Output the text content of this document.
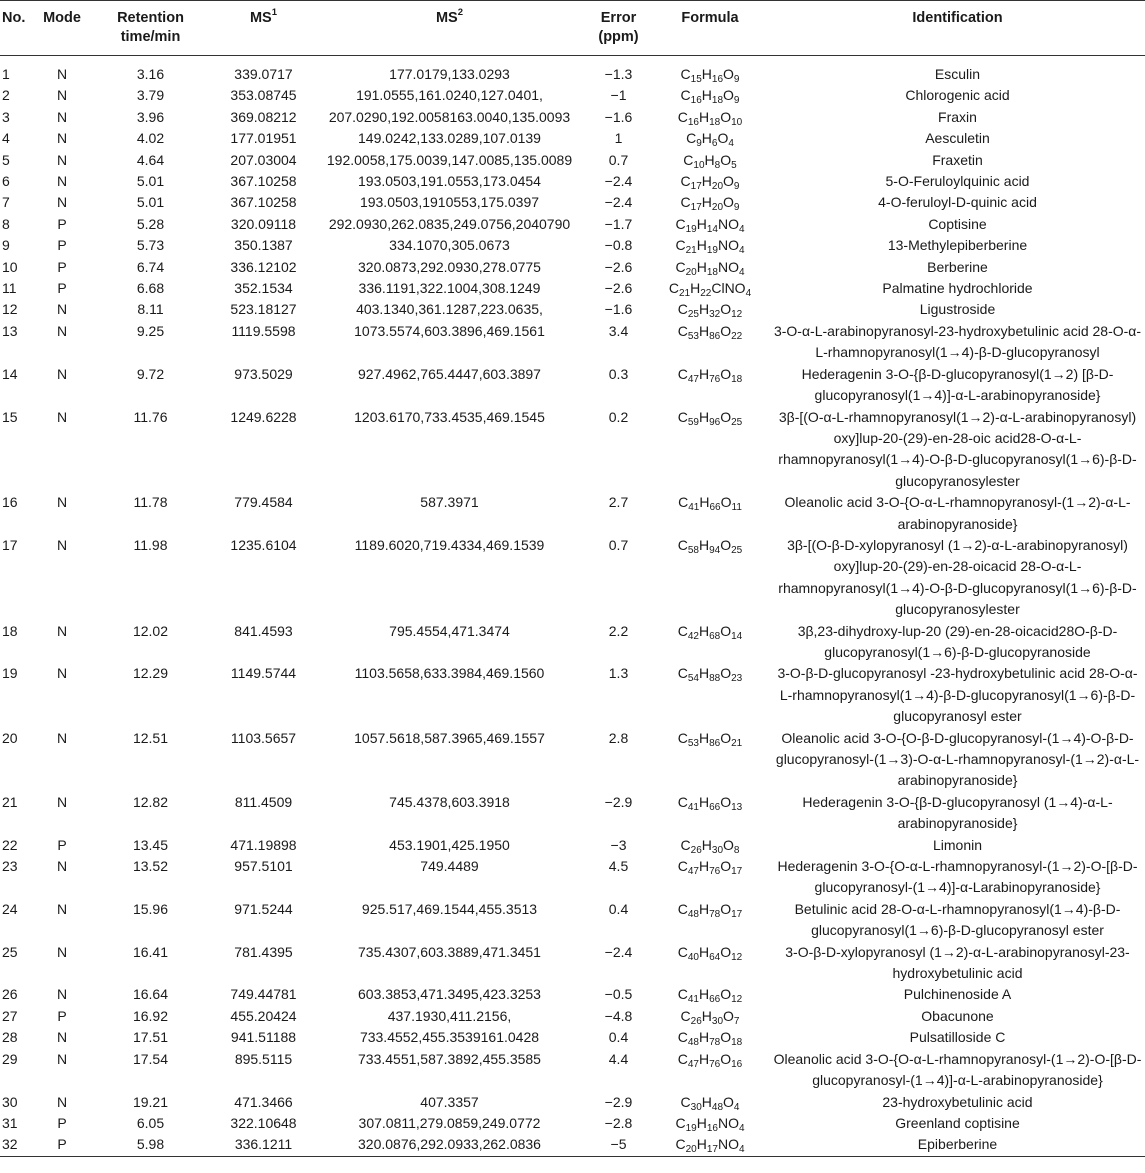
No.	Mode	Retention time/min	$MS^1$	$MS^2$	Error (ppm)	Formula	Identification
1	N	3.16	339.0717	177.0179,133.0293	−1.3	$C_{15}H_{16}O_9$	Esculin
2	N	3.79	353.08745	191.0555,161.0240,127.0401,	−1	$C_{16}H_{18}O_9$	Chlorogenic acid
3	N	3.96	369.08212	207.0290,192.0058163.0040,135.0093	−1.6	$C_{16}H_{18}O_{10}$	Fraxin
4	N	4.02	177.01951	149.0242,133.0289,107.0139	1	$C_9H_6O_4$	Aesculetin
5	N	4.64	207.03004	192.0058,175.0039,147.0085,135.0089	0.7	$C_{10}H_8O_5$	Fraxetin
6	N	5.01	367.10258	193.0503,191.0553,173.0454	−2.4	$C_{17}H_{20}O_9$	5-O-Feruloylquinic acid
7	N	5.01	367.10258	193.0503,1910553,175.0397	−2.4	$C_{17}H_{20}O_9$	4-O-feruloyl-D-quinic acid
8	P	5.28	320.09118	292.0930,262.0835,249.0756,2040790	−1.7	$C_{19}H_{14}NO_4$	Coptisine
9	P	5.73	350.1387	334.1070,305.0673	−0.8	$C_{21}H_{19}NO_4$	13-Methylepiberberine
10	P	6.74	336.12102	320.0873,292.0930,278.0775	−2.6	$C_{20}H_{18}NO_4$	Berberine
11	P	6.68	352.1534	336.1191,322.1004,308.1249	−2.6	$C_{21}H_{22}ClNO_4$	Palmatine hydrochloride
12	N	8.11	523.18127	403.1340,361.1287,223.0635,	−1.6	$C_{25}H_{32}O_{12}$	Ligustroside
13	N	9.25	1119.5598	1073.5574,603.3896,469.1561	3.4	$C_{53}H_{86}O_{22}$	3-O-α-L-arabinopyranosyl-23-hydroxybetulinic acid 28-O-α-L-rhamnopyranosyl(1→4)-β-D-glucopyranosyl
14	N	9.72	973.5029	927.4962,765.4447,603.3897	0.3	$C_{47}H_{76}O_{18}$	Hederagenin 3-O-{β-D-glucopyranosyl(1→2) [β-D-glucopyranosyl(1→4)]-α-L-arabinopyranoside}
15	N	11.76	1249.6228	1203.6170,733.4535,469.1545	0.2	$C_{59}H_{96}O_{25}$	3β-[(O-α-L-rhamnopyranosyl(1→2)-α-L-arabinopyranosyl) oxy]lup-20-(29)-en-28-oic acid28-O-α-L-rhamnopyranosyl(1→4)-O-β-D-glucopyranosyl(1→6)-β-D-glucopyranosylester
16	N	11.78	779.4584	587.3971	2.7	$C_{41}H_{66}O_{11}$	Oleanolic acid 3-O-{O-α-L-rhamnopyranosyl-(1→2)-α-L-arabinopyranoside}
17	N	11.98	1235.6104	1189.6020,719.4334,469.1539	0.7	$C_{58}H_{94}O_{25}$	3β-[(O-β-D-xylopyranosyl (1→2)-α-L-arabinopyranosyl) oxy]lup-20-(29)-en-28-oicacid 28-O-α-L-rhamnopyranosyl(1→4)-O-β-D-glucopyranosyl(1→6)-β-D-glucopyranosylester
18	N	12.02	841.4593	795.4554,471.3474	2.2	$C_{42}H_{68}O_{14}$	3β,23-dihydroxy-lup-20 (29)-en-28-oicacid28O-β-D-glucopyranosyl(1→6)-β-D-glucopyranoside
19	N	12.29	1149.5744	1103.5658,633.3984,469.1560	1.3	$C_{54}H_{88}O_{23}$	3-O-β-D-glucopyranosyl -23-hydroxybetulinic acid 28-O-α-L-rhamnopyranosyl(1→4)-β-D-glucopyranosyl(1→6)-β-D-glucopyranosyl ester
20	N	12.51	1103.5657	1057.5618,587.3965,469.1557	2.8	$C_{53}H_{86}O_{21}$	Oleanolic acid 3-O-{O-β-D-glucopyranosyl-(1→4)-O-β-D-glucopyranosyl-(1→3)-O-α-L-rhamnopyranosyl-(1→2)-α-L-arabinopyranoside}
21	N	12.82	811.4509	745.4378,603.3918	−2.9	$C_{41}H_{66}O_{13}$	Hederagenin 3-O-{β-D-glucopyranosyl (1→4)-α-L-arabinopyranoside}
22	P	13.45	471.19898	453.1901,425.1950	−3	$C_{26}H_{30}O_8$	Limonin
23	N	13.52	957.5101	749.4489	4.5	$C_{47}H_{76}O_{17}$	Hederagenin 3-O-{O-α-L-rhamnopyranosyl-(1→2)-O-[β-D-glucopyranosyl-(1→4)]-α-Larabinopyranoside}
24	N	15.96	971.5244	925.517,469.1544,455.3513	0.4	$C_{48}H_{78}O_{17}$	Betulinic acid 28-O-α-L-rhamnopyranosyl(1→4)-β-D-glucopyranosyl(1→6)-β-D-glucopyranosyl ester
25	N	16.41	781.4395	735.4307,603.3889,471.3451	−2.4	$C_{40}H_{64}O_{12}$	3-O-β-D-xylopyranosyl (1→2)-α-L-arabinopyranosyl-23-hydroxybetulinic acid
26	N	16.64	749.44781	603.3853,471.3495,423.3253	−0.5	$C_{41}H_{66}O_{12}$	Pulchinenoside A
27	P	16.92	455.20424	437.1930,411.2156,	−4.8	$C_{26}H_{30}O_7$	Obacunone
28	N	17.51	941.51188	733.4552,455.3539161.0428	0.4	$C_{48}H_{78}O_{18}$	Pulsatilloside C
29	N	17.54	895.5115	733.4551,587.3892,455.3585	4.4	$C_{47}H_{76}O_{16}$	Oleanolic acid 3-O-{O-α-L-rhamnopyranosyl-(1→2)-O-[β-D-glucopyranosyl-(1→4)]-α-L-arabinopyranoside}
30	N	19.21	471.3466	407.3357	−2.9	$C_{30}H_{48}O_4$	23-hydroxybetulinic acid
31	P	6.05	322.10648	307.0811,279.0859,249.0772	−2.8	$C_{19}H_{16}NO_4$	Greenland coptisine
32	P	5.98	336.1211	320.0876,292.0933,262.0836	−5	$C_{20}H_{17}NO_4$	Epiberberine
